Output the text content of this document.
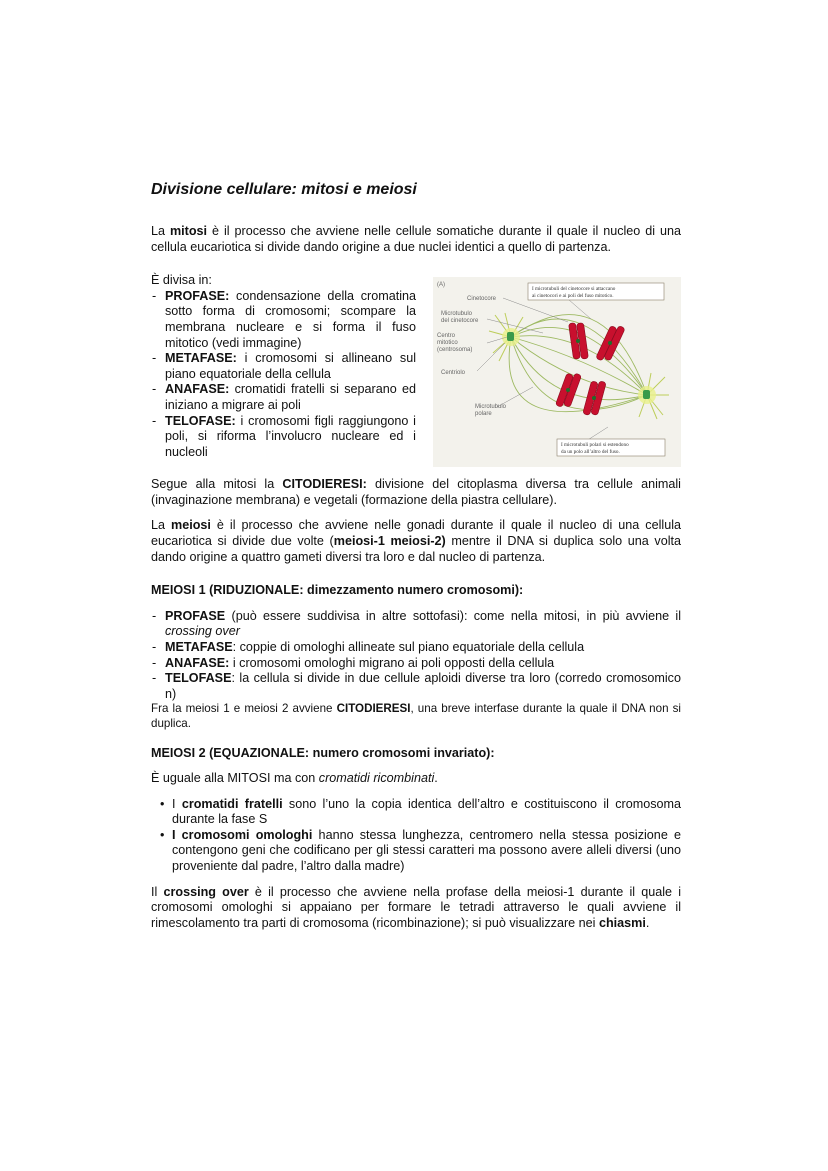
Divisione cellulare: mitosi e meiosi

La mitosi è il processo che avviene nelle cellule somatiche durante il quale il nucleo di una cellula eucariotica si divide dando origine a due nuclei identici a quello di partenza.

È divisa in:

- PROFASE: condensazione della cromatina sotto forma di cromosomi; scompare la membrana nucleare e si forma il fuso mitotico (vedi immagine)
- METAFASE: i cromosomi si allineano sul piano equatoriale della cellula
- ANAFASE: cromatidi fratelli si separano ed iniziano a migrare ai poli
- TELOFASE: i cromosomi figli raggiungono i poli, si riforma l’involucro nucleare ed i nucleoli
(A)
Cinetocore
Microtubulo
del cinetocore
Centro
mitotico
(centrosoma)
Centriolo
Microtubulo
polare
I microtubuli del cinetocore si attaccano
ai cinetocori e ai poli del fuso mitotico.
I microtubuli polari si estendono
da un polo all’altro del fuso.

Segue alla mitosi la CITODIERESI: divisione del citoplasma diversa tra cellule animali (invaginazione membrana) e vegetali (formazione della piastra cellulare).

La meiosi è il processo che avviene nelle gonadi durante il quale il nucleo di una cellula eucariotica si divide due volte (meiosi-1 meiosi-2) mentre il DNA si duplica solo una volta dando origine a quattro gameti diversi tra loro e dal nucleo di partenza.

MEIOSI 1 (RIDUZIONALE: dimezzamento numero cromosomi):
- PROFASE (può essere suddivisa in altre sottofasi): come nella mitosi, in più avviene il crossing over
- METAFASE: coppie di omologhi allineate sul piano equatoriale della cellula
- ANAFASE: i cromosomi omologhi migrano ai poli opposti della cellula
- TELOFASE: la cellula si divide in due cellule aploidi diverse tra loro (corredo cromosomico n)

Fra la meiosi 1 e meiosi 2 avviene CITODIERESI, una breve interfase durante la quale il DNA non si duplica.

MEIOSI 2 (EQUAZIONALE: numero cromosomi invariato):

È uguale alla MITOSI ma con cromatidi ricombinati.

• I cromatidi fratelli sono l’uno la copia identica dell’altro e costituiscono il cromosoma durante la fase S
• I cromosomi omologhi hanno stessa lunghezza, centromero nella stessa posizione e contengono geni che codificano per gli stessi caratteri ma possono avere alleli diversi (uno proveniente dal padre, l’altro dalla madre)

Il crossing over è il processo che avviene nella profase della meiosi-1 durante il quale i cromosomi omologhi si appaiano per formare le tetradi attraverso le quali avviene il rimescolamento tra parti di cromosoma (ricombinazione); si può visualizzare nei chiasmi.
